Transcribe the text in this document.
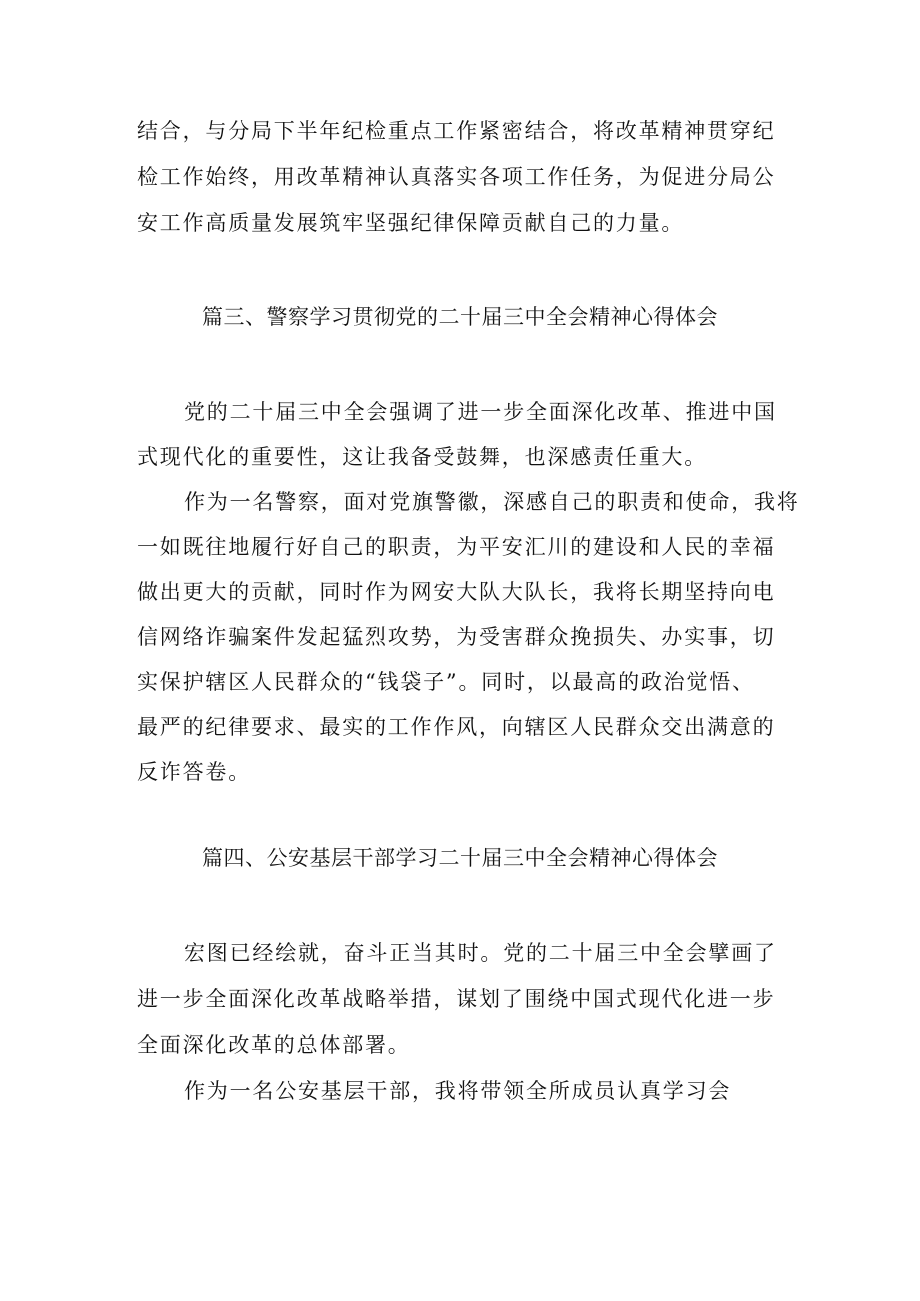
结合，与分局下半年纪检重点工作紧密结合，将改革精神贯穿纪
检工作始终，用改革精神认真落实各项工作任务，为促进分局公
安工作高质量发展筑牢坚强纪律保障贡献自己的力量。
篇三、警察学习贯彻党的二十届三中全会精神心得体会
党的二十届三中全会强调了进一步全面深化改革、推进中国
式现代化的重要性，这让我备受鼓舞，也深感责任重大。
作为一名警察，面对党旗警徽，深感自己的职责和使命，我将
一如既往地履行好自己的职责，为平安汇川的建设和人民的幸福
做出更大的贡献，同时作为网安大队大队长，我将长期坚持向电
信网络诈骗案件发起猛烈攻势，为受害群众挽损失、办实事，切
实保护辖区人民群众的“钱袋子”。同时，以最高的政治觉悟、
最严的纪律要求、最实的工作作风，向辖区人民群众交出满意的
反诈答卷。
篇四、公安基层干部学习二十届三中全会精神心得体会
宏图已经绘就，奋斗正当其时。党的二十届三中全会擘画了
进一步全面深化改革战略举措，谋划了围绕中国式现代化进一步
全面深化改革的总体部署。
作为一名公安基层干部，我将带领全所成员认真学习会
